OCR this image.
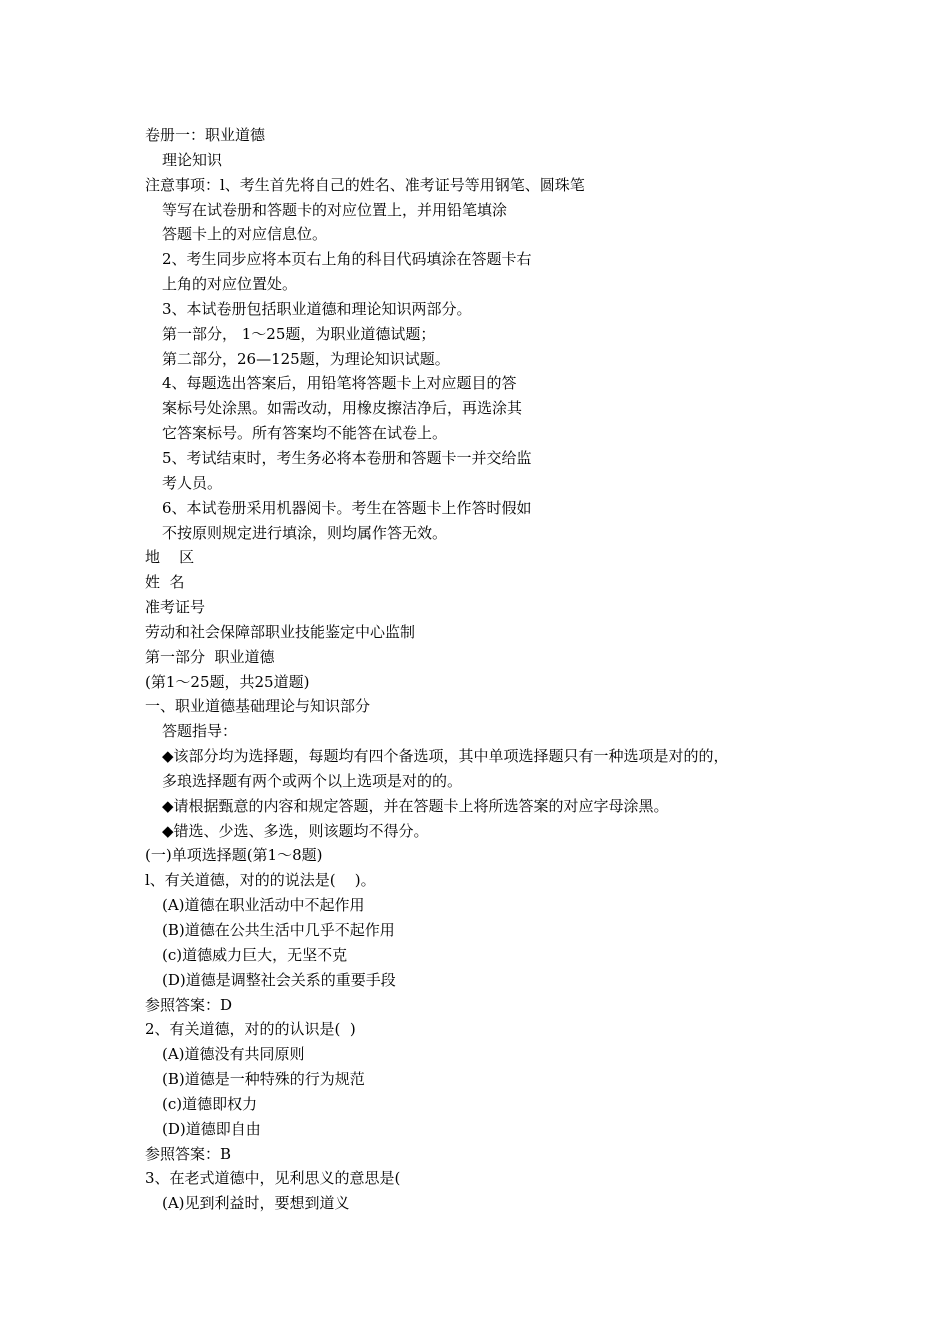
卷册一：职业道德
理论知识
注意事项：l、考生首先将自己的姓名、准考证号等用钢笔、圆珠笔
等写在试卷册和答题卡的对应位置上，并用铅笔填涂
答题卡上的对应信息位。
2、考生同步应将本页右上角的科目代码填涂在答题卡右
上角的对应位置处。
3、本试卷册包括职业道德和理论知识两部分。
第一部分， 1～25题，为职业道德试题；
第二部分，26—125题，为理论知识试题。
4、每题选出答案后，用铅笔将答题卡上对应题目的答
案标号处涂黑。如需改动，用橡皮擦洁净后，再选涂其
它答案标号。所有答案均不能答在试卷上。
5、考试结束时，考生务必将本卷册和答题卡一并交给监
考人员。
6、本试卷册采用机器阅卡。考生在答题卡上作答时假如
不按原则规定进行填涂，则均属作答无效。
地    区
姓  名
准考证号
劳动和社会保障部职业技能鉴定中心监制
第一部分  职业道德
(第1～25题，共25道题)
一、职业道德基础理论与知识部分
答题指导：
◆该部分均为选择题，每题均有四个备选项，其中单项选择题只有一种选项是对的的，
多琅选择题有两个或两个以上选项是对的的。
◆请根据甄意的内容和规定答题，并在答题卡上将所选答案的对应字母涂黑。
◆错选、少选、多选，则该题均不得分。
(一)单项选择题(第1～8题)
l、有关道德，对的的说法是(    )。
(A)道德在职业活动中不起作用
(B)道德在公共生活中几乎不起作用
(c)道德威力巨大，无坚不克
(D)道德是调整社会关系的重要手段
参照答案：D
2、有关道德，对的的认识是(  )
(A)道德没有共同原则
(B)道德是一种特殊的行为规范
(c)道德即权力
(D)道德即自由
参照答案：B
3、在老式道德中，见利思义的意思是(
(A)见到利益时，要想到道义
